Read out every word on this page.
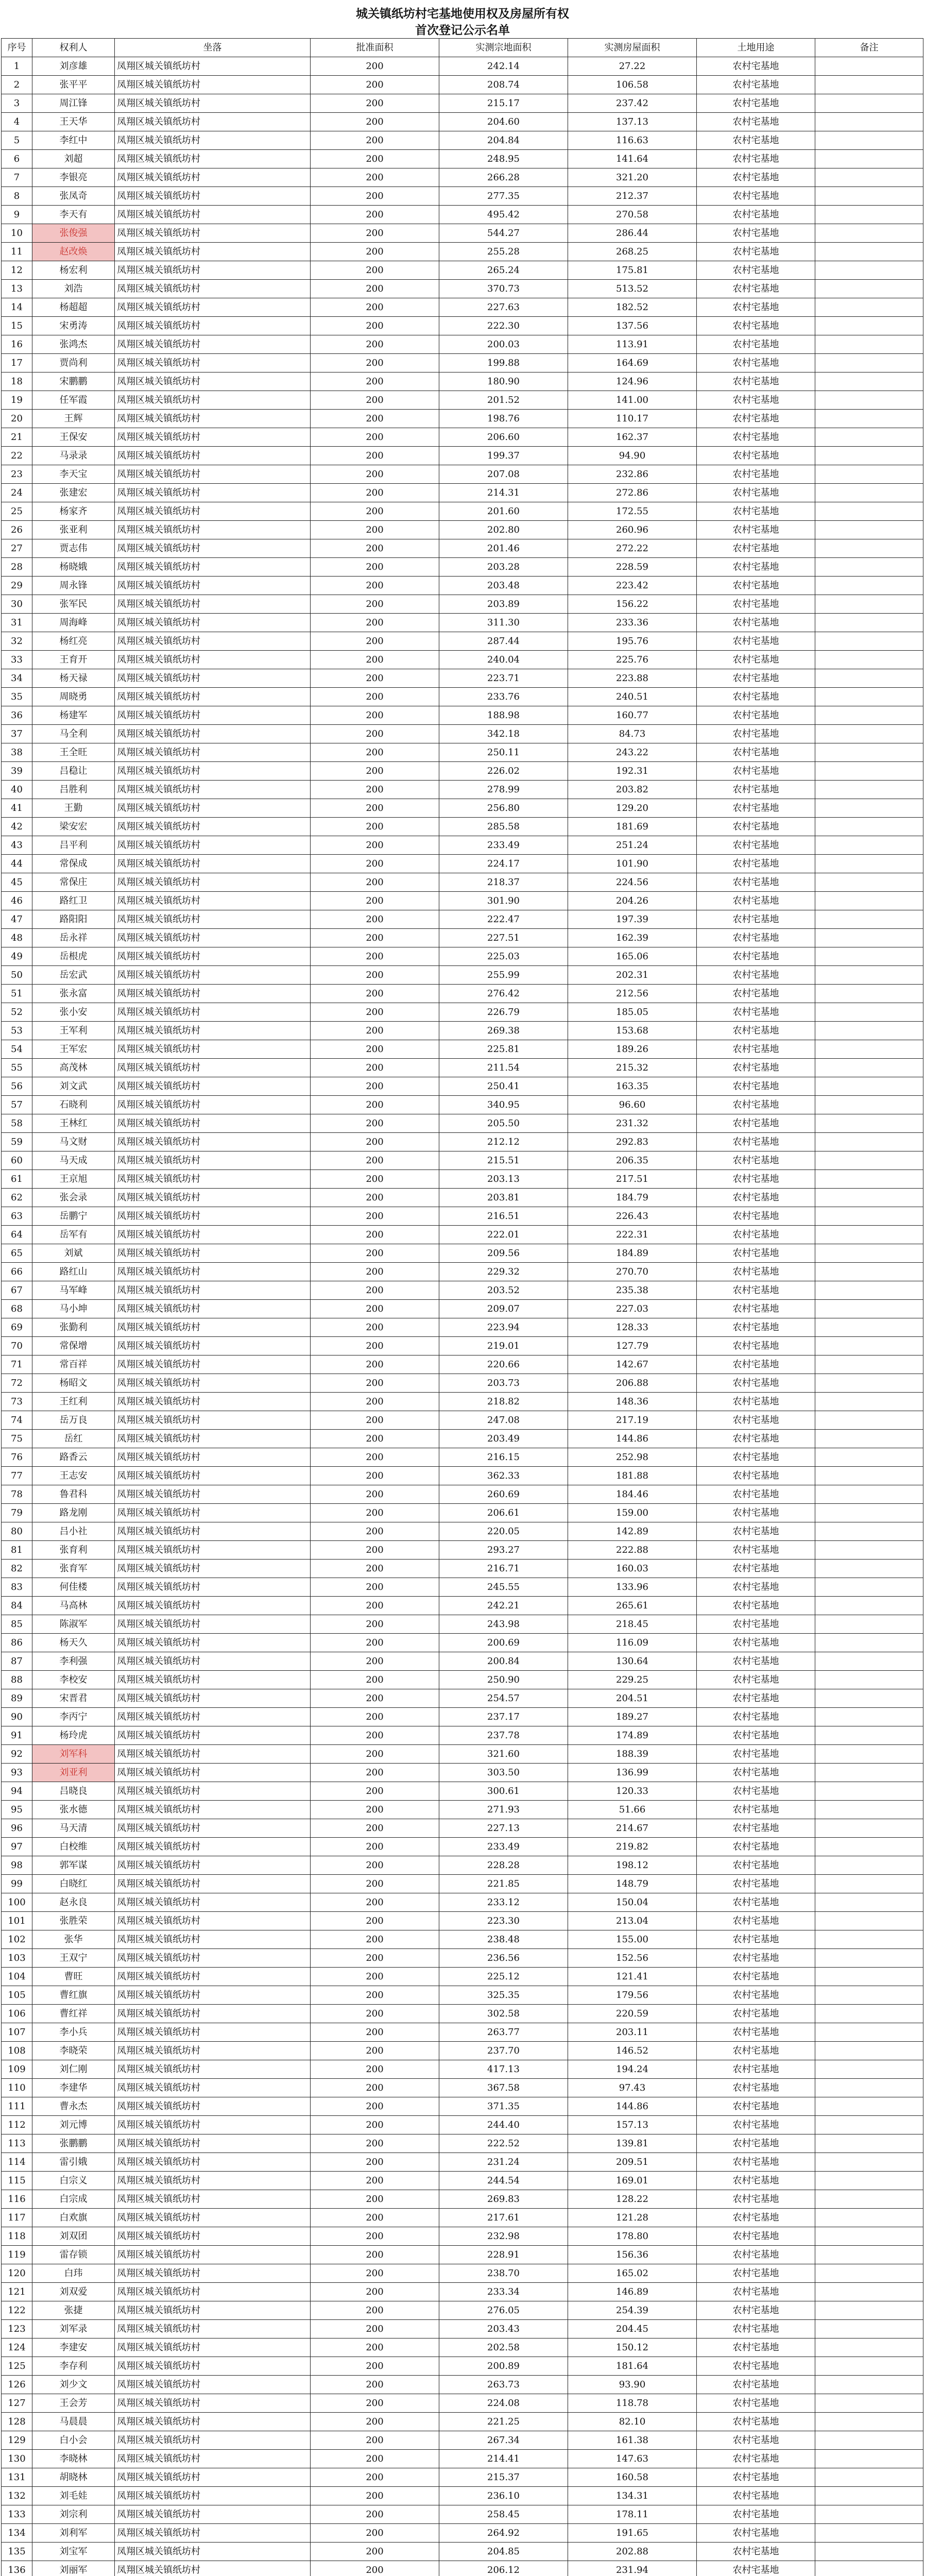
城关镇纸坊村宅基地使用权及房屋所有权
首次登记公示名单
序号	权利人	坐落	批准面积	实测宗地面积	实测房屋面积	土地用途	备注
1	刘彦雄	凤翔区城关镇纸坊村	200	242.14	27.22	农村宅基地	
2	张平平	凤翔区城关镇纸坊村	200	208.74	106.58	农村宅基地	
3	周江锋	凤翔区城关镇纸坊村	200	215.17	237.42	农村宅基地	
4	王天华	凤翔区城关镇纸坊村	200	204.60	137.13	农村宅基地	
5	李红中	凤翔区城关镇纸坊村	200	204.84	116.63	农村宅基地	
6	刘超	凤翔区城关镇纸坊村	200	248.95	141.64	农村宅基地	
7	李银亮	凤翔区城关镇纸坊村	200	266.28	321.20	农村宅基地	
8	张凤奇	凤翔区城关镇纸坊村	200	277.35	212.37	农村宅基地	
9	李天有	凤翔区城关镇纸坊村	200	495.42	270.58	农村宅基地	
10	张俊强	凤翔区城关镇纸坊村	200	544.27	286.44	农村宅基地	
11	赵改焕	凤翔区城关镇纸坊村	200	255.28	268.25	农村宅基地	
12	杨宏利	凤翔区城关镇纸坊村	200	265.24	175.81	农村宅基地	
13	刘浩	凤翔区城关镇纸坊村	200	370.73	513.52	农村宅基地	
14	杨超超	凤翔区城关镇纸坊村	200	227.63	182.52	农村宅基地	
15	宋勇涛	凤翔区城关镇纸坊村	200	222.30	137.56	农村宅基地	
16	张鸿杰	凤翔区城关镇纸坊村	200	200.03	113.91	农村宅基地	
17	贾尚利	凤翔区城关镇纸坊村	200	199.88	164.69	农村宅基地	
18	宋鹏鹏	凤翔区城关镇纸坊村	200	180.90	124.96	农村宅基地	
19	任军霞	凤翔区城关镇纸坊村	200	201.52	141.00	农村宅基地	
20	王辉	凤翔区城关镇纸坊村	200	198.76	110.17	农村宅基地	
21	王保安	凤翔区城关镇纸坊村	200	206.60	162.37	农村宅基地	
22	马录录	凤翔区城关镇纸坊村	200	199.37	94.90	农村宅基地	
23	李天宝	凤翔区城关镇纸坊村	200	207.08	232.86	农村宅基地	
24	张建宏	凤翔区城关镇纸坊村	200	214.31	272.86	农村宅基地	
25	杨家齐	凤翔区城关镇纸坊村	200	201.60	172.55	农村宅基地	
26	张亚利	凤翔区城关镇纸坊村	200	202.80	260.96	农村宅基地	
27	贾志伟	凤翔区城关镇纸坊村	200	201.46	272.22	农村宅基地	
28	杨晓娥	凤翔区城关镇纸坊村	200	203.28	228.59	农村宅基地	
29	周永锋	凤翔区城关镇纸坊村	200	203.48	223.42	农村宅基地	
30	张军民	凤翔区城关镇纸坊村	200	203.89	156.22	农村宅基地	
31	周海峰	凤翔区城关镇纸坊村	200	311.30	233.36	农村宅基地	
32	杨红亮	凤翔区城关镇纸坊村	200	287.44	195.76	农村宅基地	
33	王育开	凤翔区城关镇纸坊村	200	240.04	225.76	农村宅基地	
34	杨天禄	凤翔区城关镇纸坊村	200	223.71	223.88	农村宅基地	
35	周晓勇	凤翔区城关镇纸坊村	200	233.76	240.51	农村宅基地	
36	杨建军	凤翔区城关镇纸坊村	200	188.98	160.77	农村宅基地	
37	马全利	凤翔区城关镇纸坊村	200	342.18	84.73	农村宅基地	
38	王全旺	凤翔区城关镇纸坊村	200	250.11	243.22	农村宅基地	
39	吕稳让	凤翔区城关镇纸坊村	200	226.02	192.31	农村宅基地	
40	吕胜利	凤翔区城关镇纸坊村	200	278.99	203.82	农村宅基地	
41	王勤	凤翔区城关镇纸坊村	200	256.80	129.20	农村宅基地	
42	梁安宏	凤翔区城关镇纸坊村	200	285.58	181.69	农村宅基地	
43	吕平利	凤翔区城关镇纸坊村	200	233.49	251.24	农村宅基地	
44	常保成	凤翔区城关镇纸坊村	200	224.17	101.90	农村宅基地	
45	常保庄	凤翔区城关镇纸坊村	200	218.37	224.56	农村宅基地	
46	路红卫	凤翔区城关镇纸坊村	200	301.90	204.26	农村宅基地	
47	路阳阳	凤翔区城关镇纸坊村	200	222.47	197.39	农村宅基地	
48	岳永祥	凤翔区城关镇纸坊村	200	227.51	162.39	农村宅基地	
49	岳根虎	凤翔区城关镇纸坊村	200	225.03	165.06	农村宅基地	
50	岳宏武	凤翔区城关镇纸坊村	200	255.99	202.31	农村宅基地	
51	张永富	凤翔区城关镇纸坊村	200	276.42	212.56	农村宅基地	
52	张小安	凤翔区城关镇纸坊村	200	226.79	185.05	农村宅基地	
53	王军利	凤翔区城关镇纸坊村	200	269.38	153.68	农村宅基地	
54	王军宏	凤翔区城关镇纸坊村	200	225.81	189.26	农村宅基地	
55	高茂林	凤翔区城关镇纸坊村	200	211.54	215.32	农村宅基地	
56	刘文武	凤翔区城关镇纸坊村	200	250.41	163.35	农村宅基地	
57	石晓利	凤翔区城关镇纸坊村	200	340.95	96.60	农村宅基地	
58	王林红	凤翔区城关镇纸坊村	200	205.50	231.32	农村宅基地	
59	马文财	凤翔区城关镇纸坊村	200	212.12	292.83	农村宅基地	
60	马天成	凤翔区城关镇纸坊村	200	215.51	206.35	农村宅基地	
61	王京旭	凤翔区城关镇纸坊村	200	203.13	217.51	农村宅基地	
62	张会录	凤翔区城关镇纸坊村	200	203.81	184.79	农村宅基地	
63	岳鹏宁	凤翔区城关镇纸坊村	200	216.51	226.43	农村宅基地	
64	岳军有	凤翔区城关镇纸坊村	200	222.01	222.31	农村宅基地	
65	刘斌	凤翔区城关镇纸坊村	200	209.56	184.89	农村宅基地	
66	路红山	凤翔区城关镇纸坊村	200	229.32	270.70	农村宅基地	
67	马军峰	凤翔区城关镇纸坊村	200	203.52	235.38	农村宅基地	
68	马小坤	凤翔区城关镇纸坊村	200	209.07	227.03	农村宅基地	
69	张勤利	凤翔区城关镇纸坊村	200	223.94	128.33	农村宅基地	
70	常保增	凤翔区城关镇纸坊村	200	219.01	127.79	农村宅基地	
71	常百祥	凤翔区城关镇纸坊村	200	220.66	142.67	农村宅基地	
72	杨昭文	凤翔区城关镇纸坊村	200	203.73	206.88	农村宅基地	
73	王红利	凤翔区城关镇纸坊村	200	218.82	148.36	农村宅基地	
74	岳万良	凤翔区城关镇纸坊村	200	247.08	217.19	农村宅基地	
75	岳红	凤翔区城关镇纸坊村	200	203.49	144.86	农村宅基地	
76	路香云	凤翔区城关镇纸坊村	200	216.15	252.98	农村宅基地	
77	王志安	凤翔区城关镇纸坊村	200	362.33	181.88	农村宅基地	
78	鲁君科	凤翔区城关镇纸坊村	200	260.69	184.46	农村宅基地	
79	路龙刚	凤翔区城关镇纸坊村	200	206.61	159.00	农村宅基地	
80	吕小社	凤翔区城关镇纸坊村	200	220.05	142.89	农村宅基地	
81	张育利	凤翔区城关镇纸坊村	200	293.27	222.88	农村宅基地	
82	张育军	凤翔区城关镇纸坊村	200	216.71	160.03	农村宅基地	
83	何佳楼	凤翔区城关镇纸坊村	200	245.55	133.96	农村宅基地	
84	马高林	凤翔区城关镇纸坊村	200	242.21	265.61	农村宅基地	
85	陈淑军	凤翔区城关镇纸坊村	200	243.98	218.45	农村宅基地	
86	杨天久	凤翔区城关镇纸坊村	200	200.69	116.09	农村宅基地	
87	李利强	凤翔区城关镇纸坊村	200	200.84	130.64	农村宅基地	
88	李校安	凤翔区城关镇纸坊村	200	250.90	229.25	农村宅基地	
89	宋晋君	凤翔区城关镇纸坊村	200	254.57	204.51	农村宅基地	
90	李丙宁	凤翔区城关镇纸坊村	200	237.17	189.27	农村宅基地	
91	杨玲虎	凤翔区城关镇纸坊村	200	237.78	174.89	农村宅基地	
92	刘军科	凤翔区城关镇纸坊村	200	321.60	188.39	农村宅基地	
93	刘亚利	凤翔区城关镇纸坊村	200	303.50	136.99	农村宅基地	
94	吕晓良	凤翔区城关镇纸坊村	200	300.61	120.33	农村宅基地	
95	张水德	凤翔区城关镇纸坊村	200	271.93	51.66	农村宅基地	
96	马天清	凤翔区城关镇纸坊村	200	227.13	214.67	农村宅基地	
97	白校维	凤翔区城关镇纸坊村	200	233.49	219.82	农村宅基地	
98	郭军谋	凤翔区城关镇纸坊村	200	228.28	198.12	农村宅基地	
99	白晓红	凤翔区城关镇纸坊村	200	221.85	148.79	农村宅基地	
100	赵永良	凤翔区城关镇纸坊村	200	233.12	150.04	农村宅基地	
101	张胜荣	凤翔区城关镇纸坊村	200	223.30	213.04	农村宅基地	
102	张华	凤翔区城关镇纸坊村	200	238.48	155.00	农村宅基地	
103	王双宁	凤翔区城关镇纸坊村	200	236.56	152.56	农村宅基地	
104	曹旺	凤翔区城关镇纸坊村	200	225.12	121.41	农村宅基地	
105	曹红旗	凤翔区城关镇纸坊村	200	325.35	179.56	农村宅基地	
106	曹红祥	凤翔区城关镇纸坊村	200	302.58	220.59	农村宅基地	
107	李小兵	凤翔区城关镇纸坊村	200	263.77	203.11	农村宅基地	
108	李晓荣	凤翔区城关镇纸坊村	200	237.70	146.52	农村宅基地	
109	刘仁刚	凤翔区城关镇纸坊村	200	417.13	194.24	农村宅基地	
110	李建华	凤翔区城关镇纸坊村	200	367.58	97.43	农村宅基地	
111	曹永杰	凤翔区城关镇纸坊村	200	371.35	144.86	农村宅基地	
112	刘元博	凤翔区城关镇纸坊村	200	244.40	157.13	农村宅基地	
113	张鹏鹏	凤翔区城关镇纸坊村	200	222.52	139.81	农村宅基地	
114	雷引娥	凤翔区城关镇纸坊村	200	231.24	209.51	农村宅基地	
115	白宗义	凤翔区城关镇纸坊村	200	244.54	169.01	农村宅基地	
116	白宗成	凤翔区城关镇纸坊村	200	269.83	128.22	农村宅基地	
117	白欢旗	凤翔区城关镇纸坊村	200	217.61	121.28	农村宅基地	
118	刘双团	凤翔区城关镇纸坊村	200	232.98	178.80	农村宅基地	
119	雷存锁	凤翔区城关镇纸坊村	200	228.91	156.36	农村宅基地	
120	白玮	凤翔区城关镇纸坊村	200	238.70	165.02	农村宅基地	
121	刘双爱	凤翔区城关镇纸坊村	200	233.34	146.89	农村宅基地	
122	张捷	凤翔区城关镇纸坊村	200	276.05	254.39	农村宅基地	
123	刘军录	凤翔区城关镇纸坊村	200	203.43	204.45	农村宅基地	
124	李建安	凤翔区城关镇纸坊村	200	202.58	150.12	农村宅基地	
125	李存利	凤翔区城关镇纸坊村	200	200.89	181.64	农村宅基地	
126	刘少文	凤翔区城关镇纸坊村	200	263.73	93.90	农村宅基地	
127	王会芳	凤翔区城关镇纸坊村	200	224.08	118.78	农村宅基地	
128	马晨晨	凤翔区城关镇纸坊村	200	221.25	82.10	农村宅基地	
129	白小会	凤翔区城关镇纸坊村	200	267.34	161.38	农村宅基地	
130	李晓林	凤翔区城关镇纸坊村	200	214.41	147.63	农村宅基地	
131	胡晓林	凤翔区城关镇纸坊村	200	215.37	160.58	农村宅基地	
132	刘毛娃	凤翔区城关镇纸坊村	200	236.10	134.31	农村宅基地	
133	刘宗利	凤翔区城关镇纸坊村	200	258.45	178.11	农村宅基地	
134	刘利军	凤翔区城关镇纸坊村	200	264.92	191.65	农村宅基地	
135	刘宝军	凤翔区城关镇纸坊村	200	204.85	202.88	农村宅基地	
136	刘丽军	凤翔区城关镇纸坊村	200	206.12	231.94	农村宅基地	
